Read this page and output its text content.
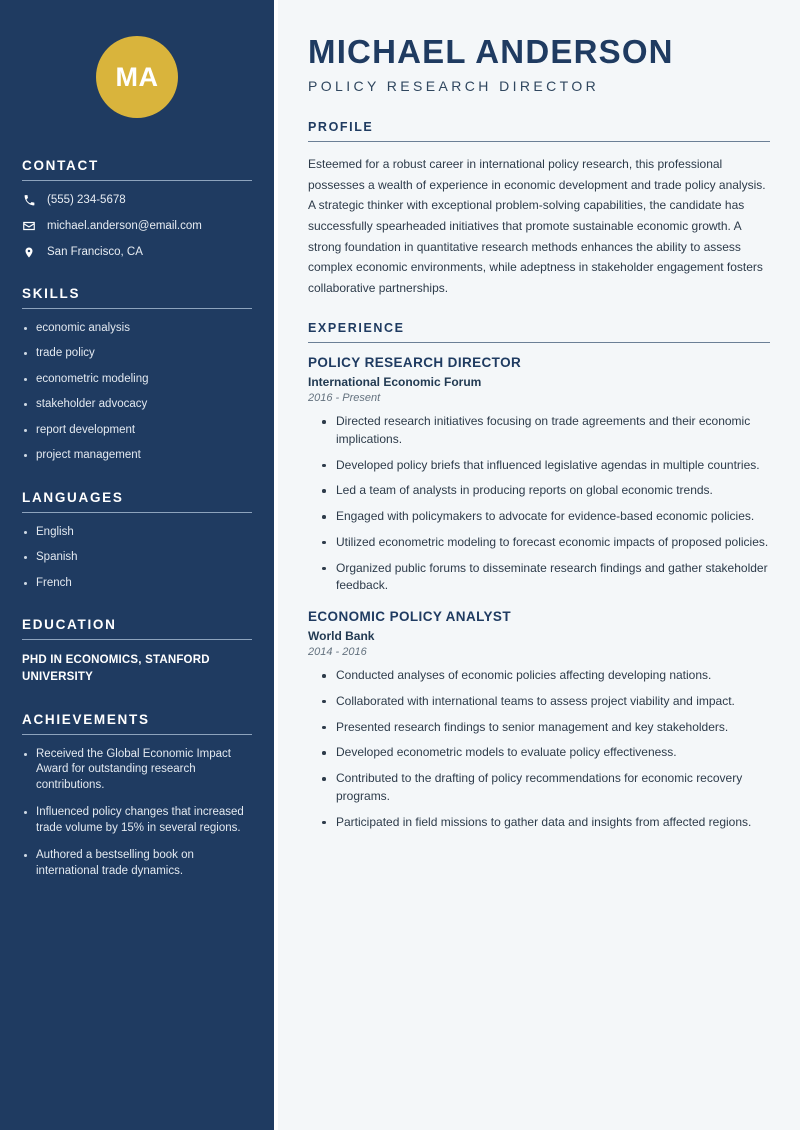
MA
CONTACT
(555) 234-5678
michael.anderson@email.com
San Francisco, CA
SKILLS
economic analysis
trade policy
econometric modeling
stakeholder advocacy
report development
project management
LANGUAGES
English
Spanish
French
EDUCATION
PHD IN ECONOMICS, STANFORD UNIVERSITY
ACHIEVEMENTS
Received the Global Economic Impact Award for outstanding research contributions.
Influenced policy changes that increased trade volume by 15% in several regions.
Authored a bestselling book on international trade dynamics.
MICHAEL ANDERSON
POLICY RESEARCH DIRECTOR
PROFILE

Esteemed for a robust career in international policy research, this professional possesses a wealth of experience in economic development and trade policy analysis. A strategic thinker with exceptional problem-solving capabilities, the candidate has successfully spearheaded initiatives that promote sustainable economic growth. A strong foundation in quantitative research methods enhances the ability to assess complex economic environments, while adeptness in stakeholder engagement fosters collaborative partnerships.

EXPERIENCE
POLICY RESEARCH DIRECTOR
International Economic Forum
2016 - Present
Directed research initiatives focusing on trade agreements and their economic implications.
Developed policy briefs that influenced legislative agendas in multiple countries.
Led a team of analysts in producing reports on global economic trends.
Engaged with policymakers to advocate for evidence-based economic policies.
Utilized econometric modeling to forecast economic impacts of proposed policies.
Organized public forums to disseminate research findings and gather stakeholder feedback.
ECONOMIC POLICY ANALYST
World Bank
2014 - 2016
Conducted analyses of economic policies affecting developing nations.
Collaborated with international teams to assess project viability and impact.
Presented research findings to senior management and key stakeholders.
Developed econometric models to evaluate policy effectiveness.
Contributed to the drafting of policy recommendations for economic recovery programs.
Participated in field missions to gather data and insights from affected regions.
